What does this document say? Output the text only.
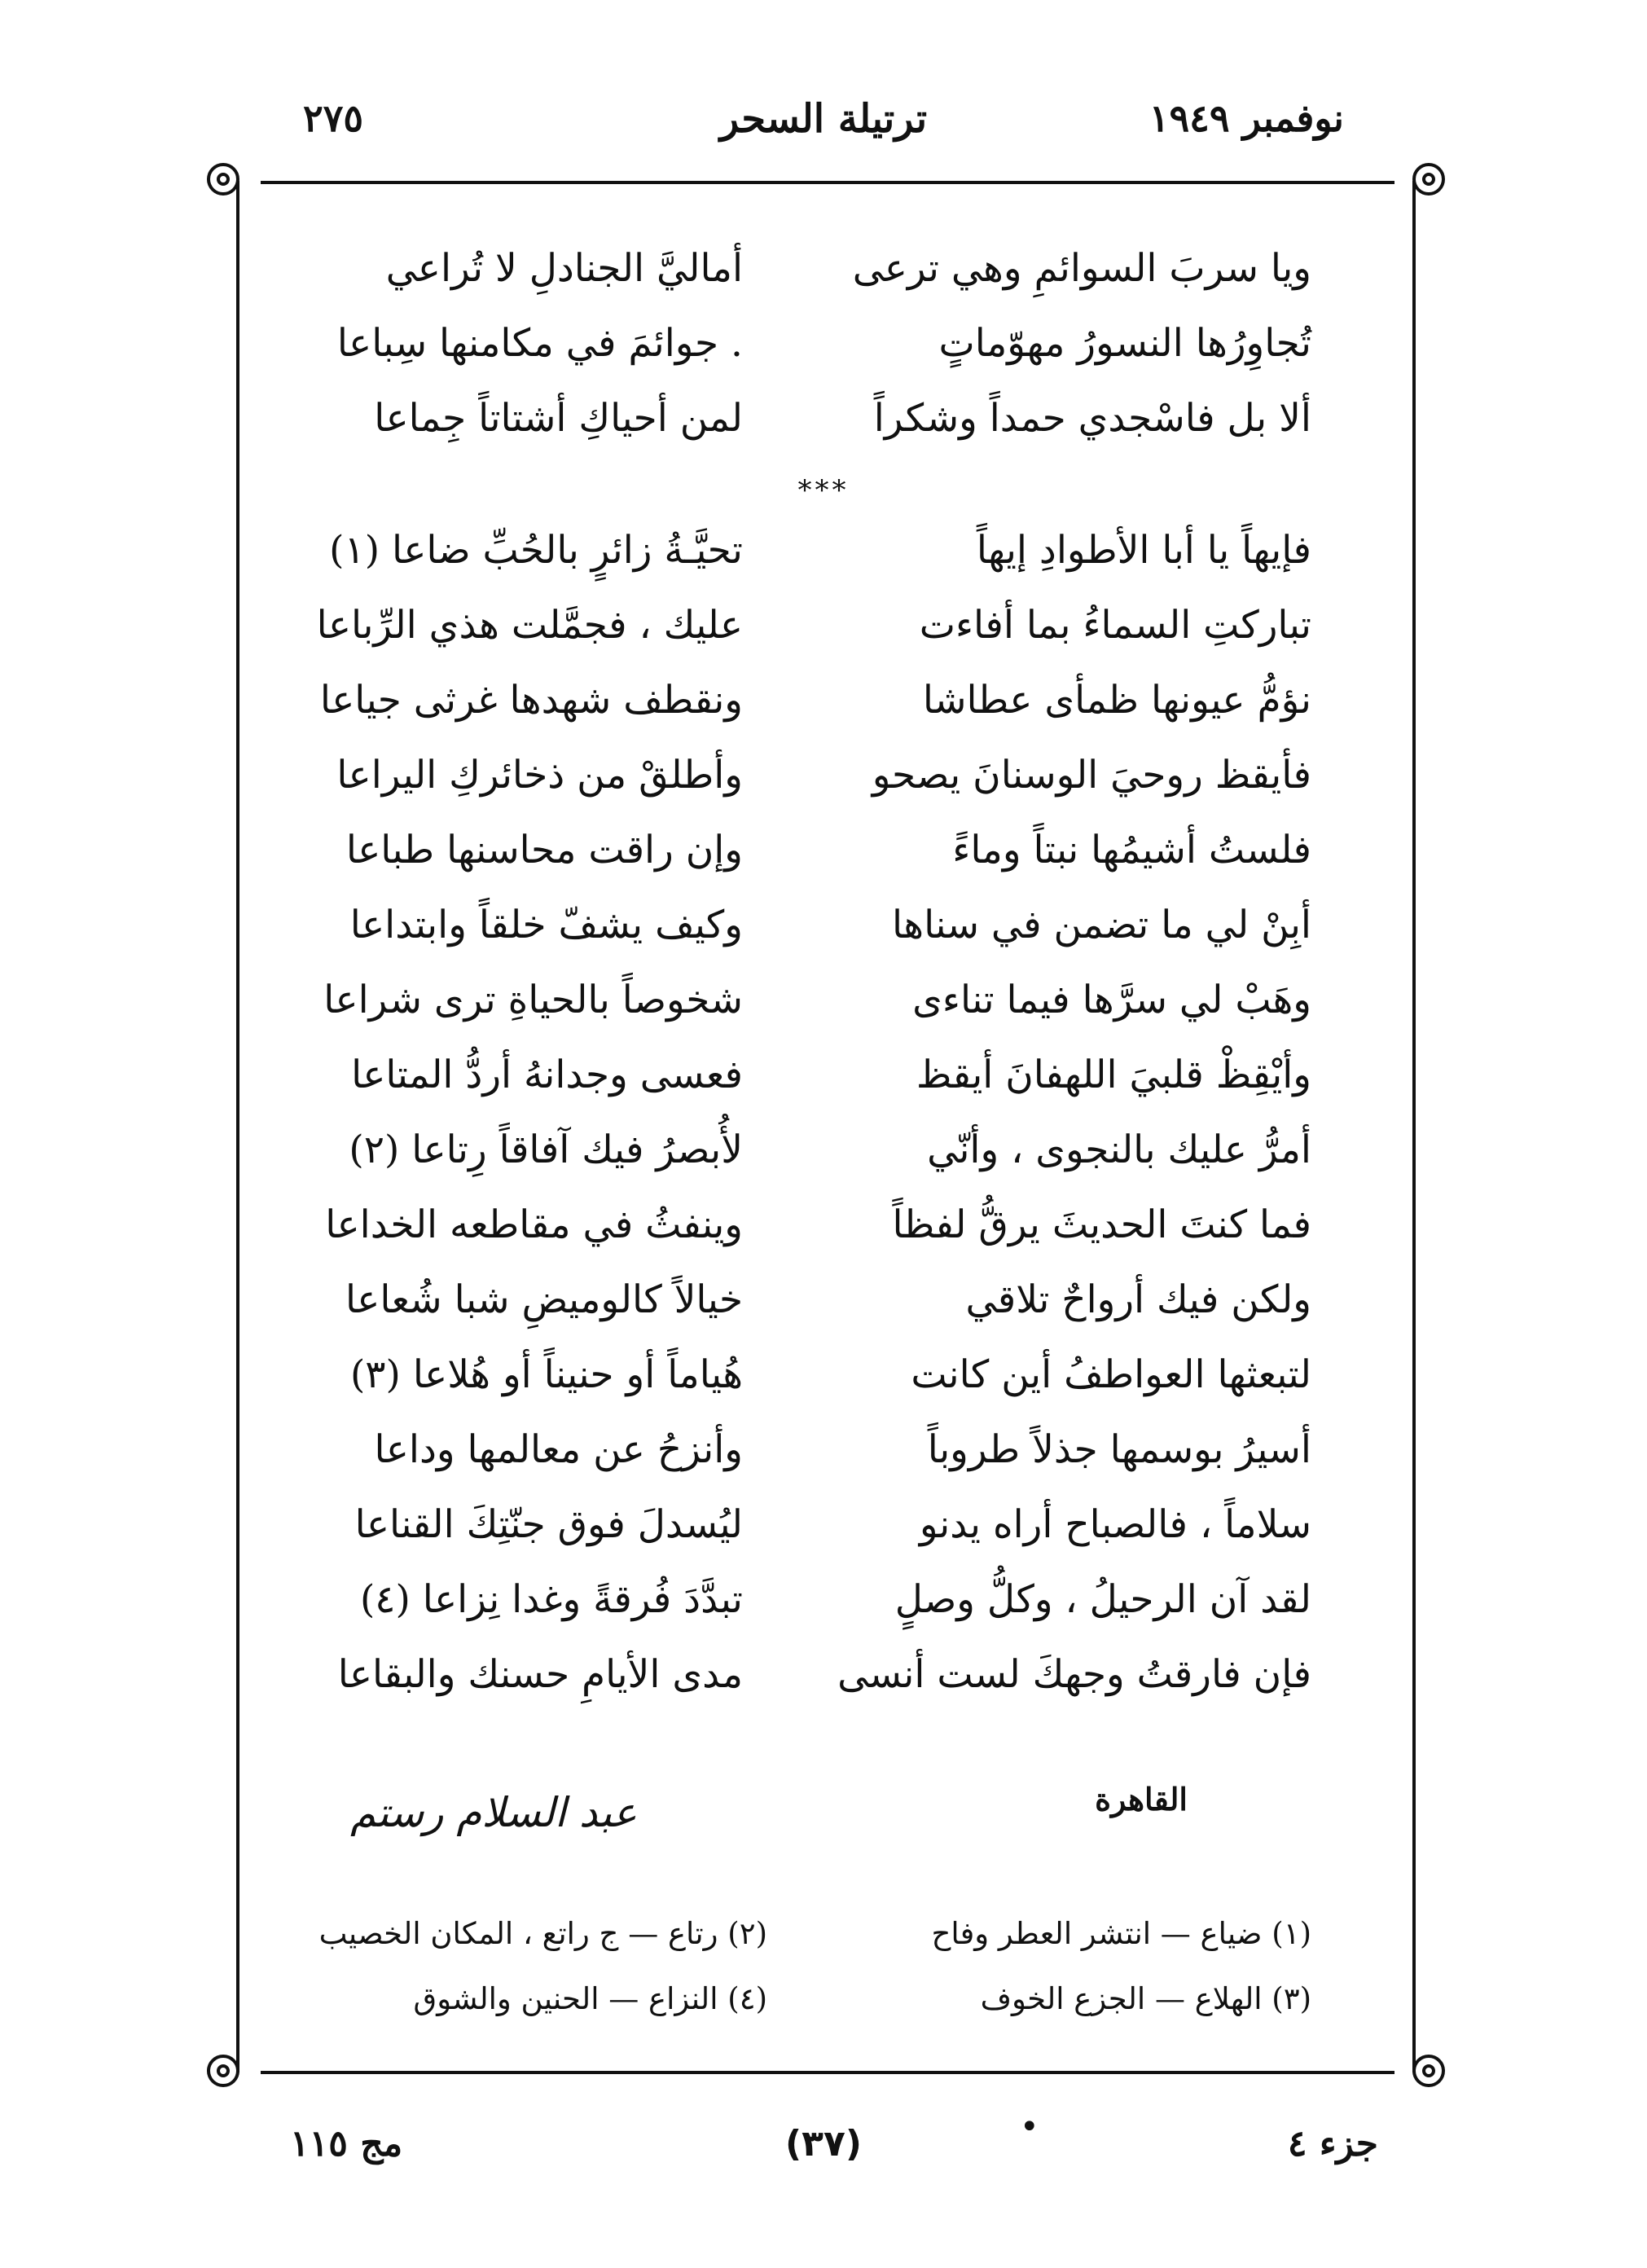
٢٧٥	ترتيلة السحر	نوفمبر ١٩٤٩
ويا سربَ السوائمِ وهي ترعى
أماليَّ الجنادلِ لا تُراعي
تُجاوِرُها النسورُ مهوّماتٍ
. جوائمَ في مكامنها سِباعا
ألا بل فاسْجدي حمداً وشكراً
لمن أحياكِ أشتاتاً جِماعا
***
فإيهاً يا أبا الأطوادِ إيهاً
تحيَّـةُ زائرٍ بالحُبِّ ضاعا (١)
تباركتِ السماءُ بما أفاءت
عليك ، فجمَّلت هذي الرِّباعا
نؤمُّ عيونها ظمأى عطاشا
ونقطف شهدها غرثى جياعا
فأيقظ روحيَ الوسنانَ يصحو
وأطلقْ من ذخائركِ اليراعا
فلستُ أشيمُها نبتاً وماءً
وإن راقت محاسنها طباعا
أبِنْ لي ما تضمن في سناها
وكيف يشفّ خلقاً وابتداعا
وهَبْ لي سرَّها فيما تناءى
شخوصاً بالحياةِ ترى شراعا
وأيْقِظْ قلبيَ اللهفانَ أيقظ
فعسى وجدانهُ أردُّ المتاعا
أمرُّ عليك بالنجوى ، وأنّي
لأُبصرُ فيك آفاقاً رِتاعا (٢)
فما كنتَ الحديثَ يرقُّ لفظاً
وينفثُ في مقاطعه الخداعا
ولكن فيك أرواحٌ تلاقي
خيالاً كالوميضِ شبا شُعاعا
لتبعثها العواطفُ أين كانت
هُياماً أو حنيناً أو هُلاعا (٣)
أسيرُ بوسمها جذلاً طروباً
وأنزحُ عن معالمها وداعا
سلاماً ، فالصباح أراه يدنو
ليُسدلَ فوق جنّتِكَ القناعا
لقد آن الرحيلُ ، وكلُّ وصلٍ
تبدَّدَ فُرقةً وغدا نِزاعا (٤)
فإن فارقتُ وجهكَ لست أنسى
مدى الأيامِ حسنك والبقاعا
القاهرة
عبد السلام رستم
(١) ضياع — انتشر العطر وفاح
(٢) رتاع — ج راتع ، المكان الخصيب
(٣) الهلاع — الجزع الخوف
(٤) النزاع — الحنين والشوق
جزء ٤
•
(٣٧)
مج ١١٥
